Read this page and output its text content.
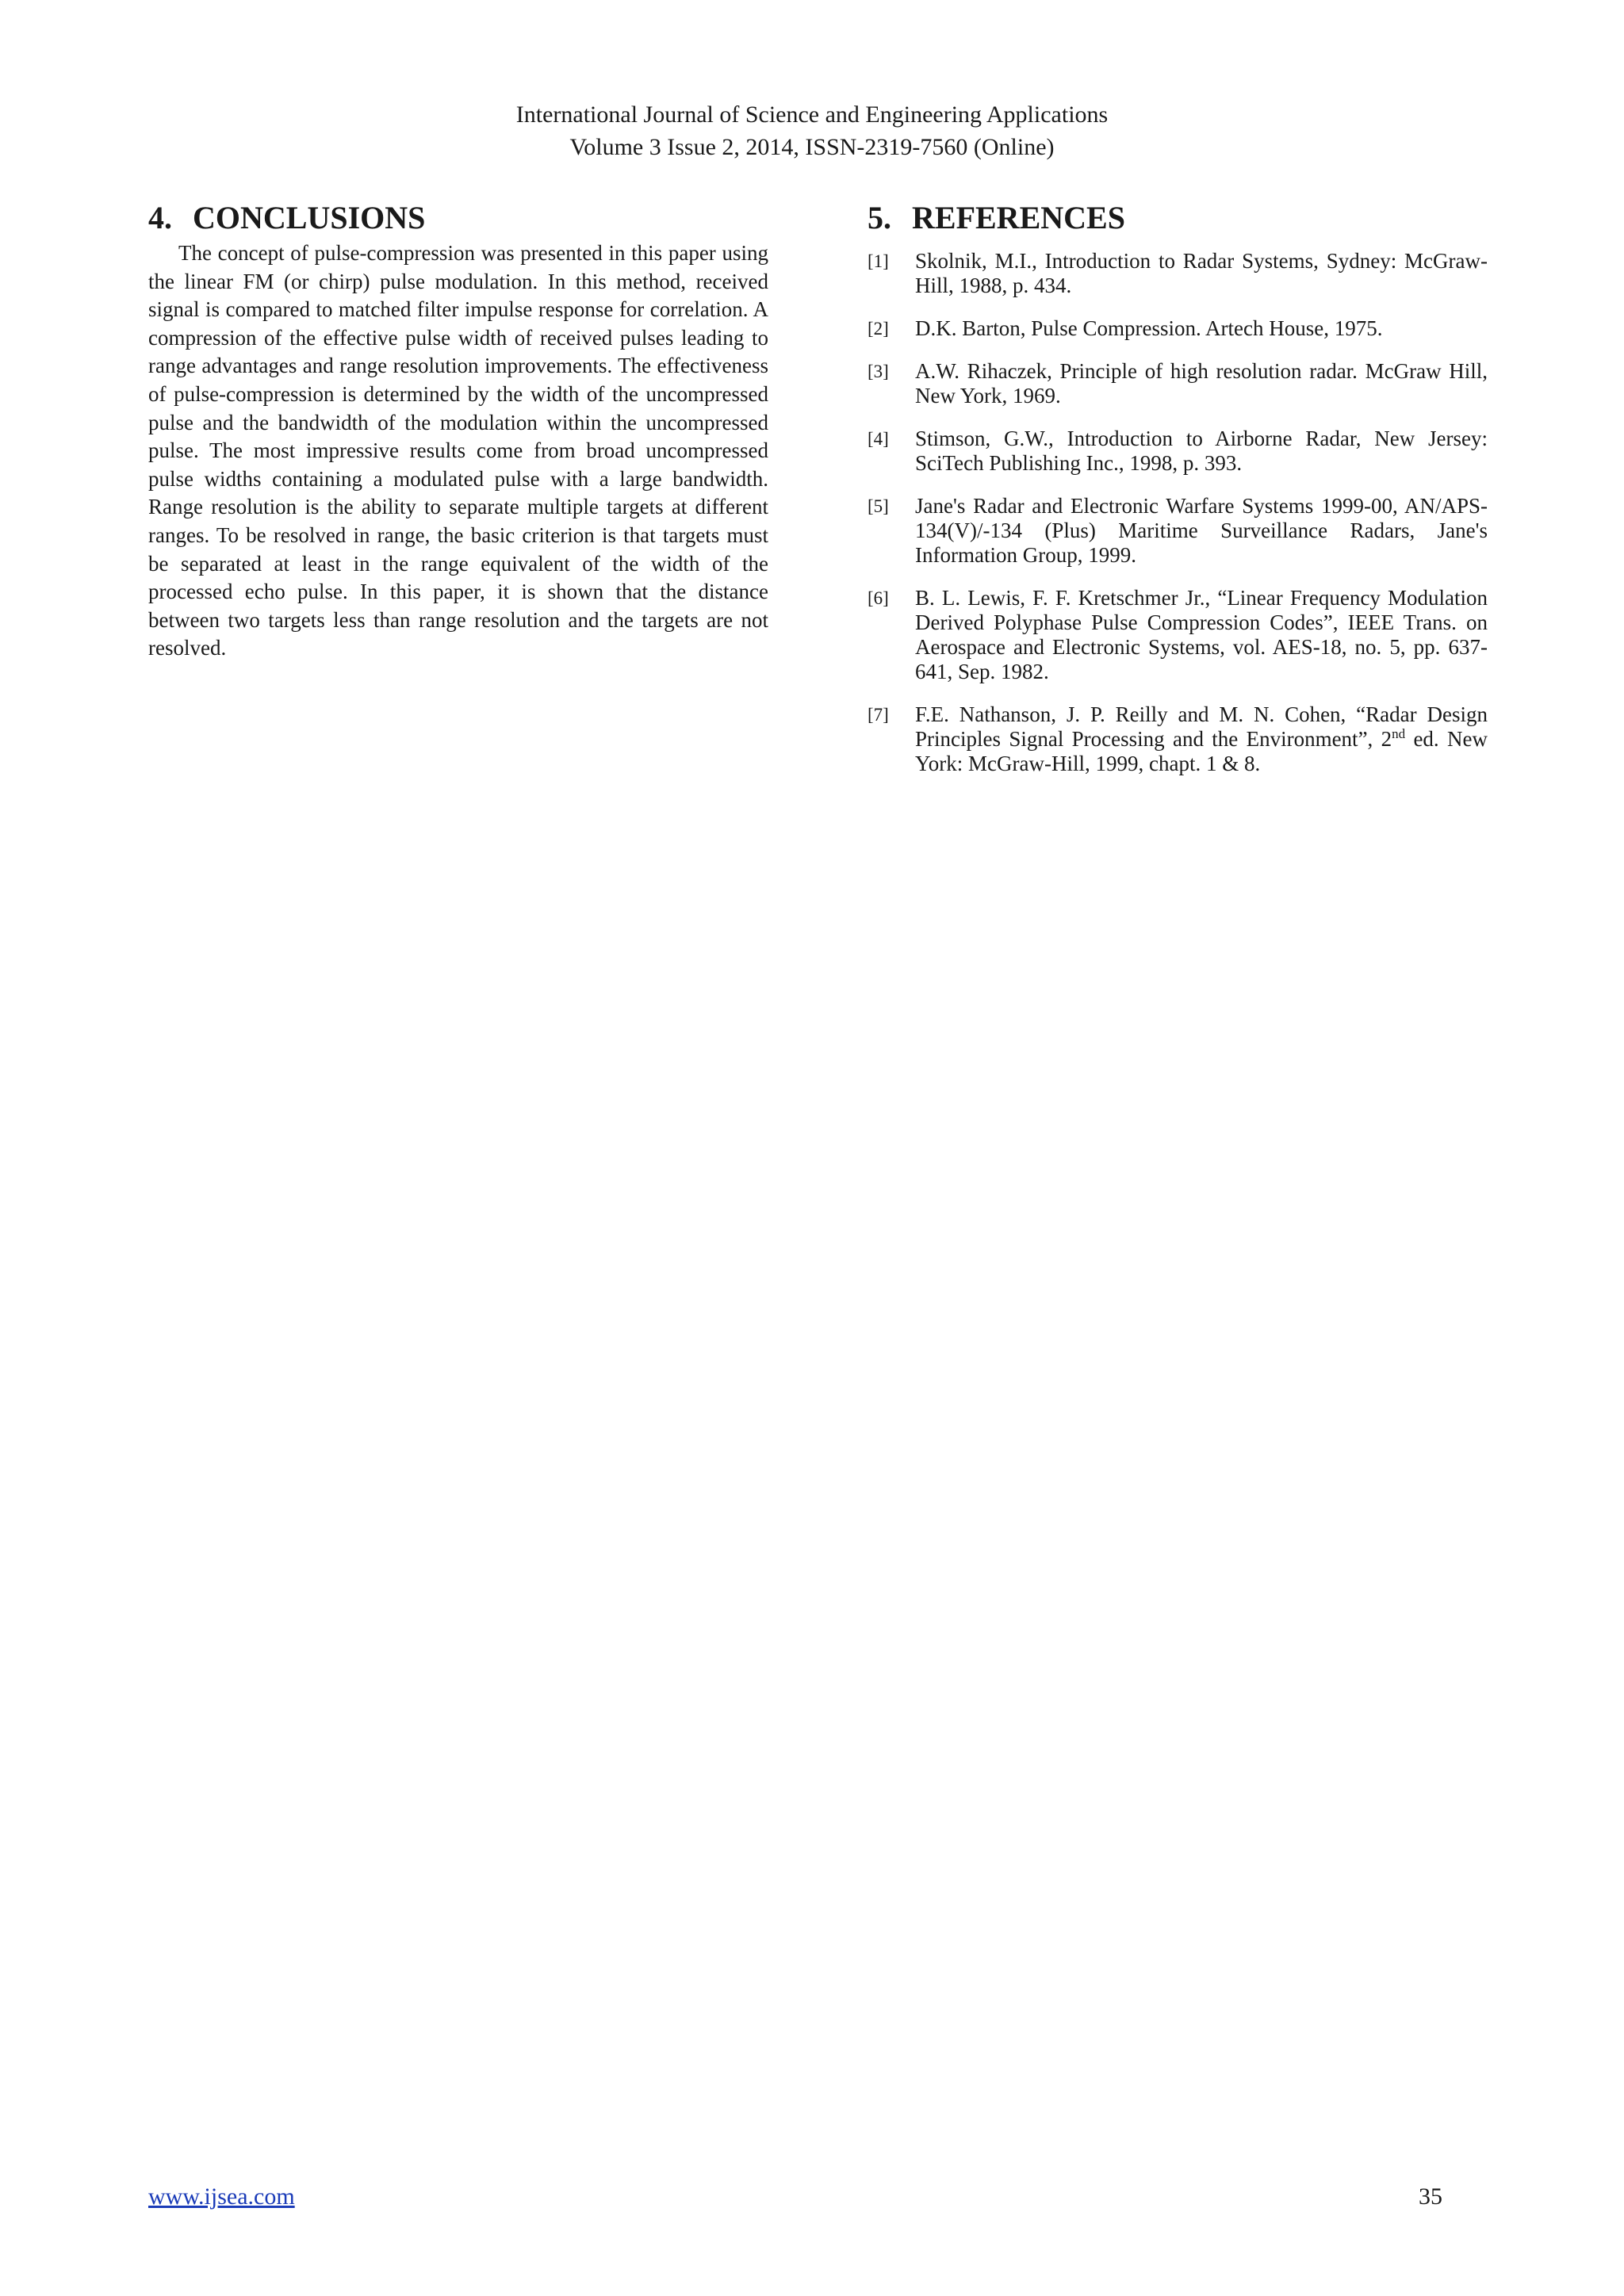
International Journal of Science and Engineering Applications
Volume 3 Issue 2, 2014, ISSN-2319-7560 (Online)
4. CONCLUSIONS

The concept of pulse-compression was presented in this paper using the linear FM (or chirp) pulse modulation. In this method, received signal is compared to matched filter impulse response for correlation. A compression of the effective pulse width of received pulses leading to range advantages and range resolution improvements. The effectiveness of pulse-compression is determined by the width of the uncompressed pulse and the bandwidth of the modulation within the uncompressed pulse. The most impressive results come from broad uncompressed pulse widths containing a modulated pulse with a large bandwidth. Range resolution is the ability to separate multiple targets at different ranges. To be resolved in range, the basic criterion is that targets must be separated at least in the range equivalent of the width of the processed echo pulse. In this paper, it is shown that the distance between two targets less than range resolution and the targets are not resolved.

5. REFERENCES
[1]	Skolnik, M.I., Introduction to Radar Systems, Sydney: McGraw-Hill, 1988, p. 434.
[2]	D.K. Barton, Pulse Compression. Artech House, 1975.
[3]	A.W. Rihaczek, Principle of high resolution radar. McGraw Hill, New York, 1969.
[4]	Stimson, G.W., Introduction to Airborne Radar, New Jersey: SciTech Publishing Inc., 1998, p. 393.
[5]	Jane's Radar and Electronic Warfare Systems 1999-00, AN/APS- 134(V)/-134 (Plus) Maritime Surveillance Radars, Jane's Information Group, 1999.
[6]	B. L. Lewis, F. F. Kretschmer Jr., “Linear Frequency Modulation Derived Polyphase Pulse Compression Codes”, IEEE Trans. on Aerospace and Electronic Systems, vol. AES-18, no. 5, pp. 637-641, Sep. 1982.
[7]	F.E. Nathanson, J. P. Reilly and M. N. Cohen, “Radar Design Principles Signal Processing and the Environment”, 2nd ed. New York: McGraw-Hill, 1999, chapt. 1 & 8.
www.ijsea.com	35
